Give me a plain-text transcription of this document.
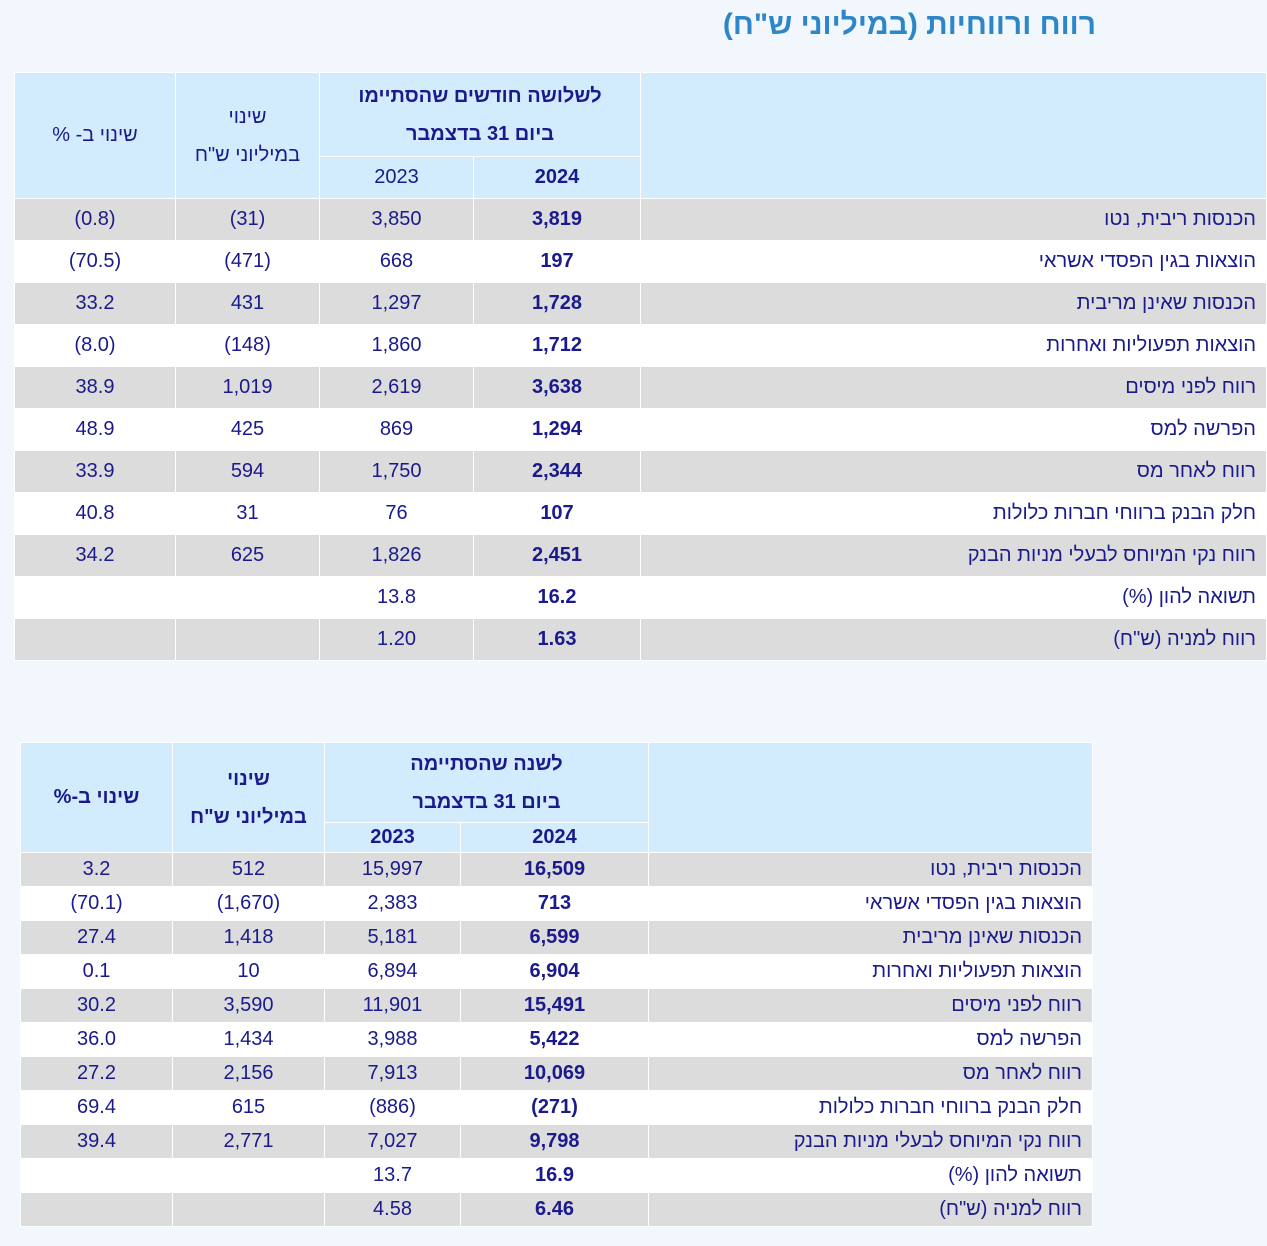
רווח ורווחיות (במיליוני ש"ח)

	לשלושה חודשים שהסתיימו
ביום 31 בדצמבר		שינוי
במיליוני ש"ח	שינוי ב- %
	2024	2023		
הכנסות ריבית, נטו	3,819	3,850	(31)	(0.8)
הוצאות בגין הפסדי אשראי	197	668	(471)	(70.5)
הכנסות שאינן מריבית	1,728	1,297	431	33.2
הוצאות תפעוליות ואחרות	1,712	1,860	(148)	(8.0)
רווח לפני מיסים	3,638	2,619	1,019	38.9
הפרשה למס	1,294	869	425	48.9
רווח לאחר מס	2,344	1,750	594	33.9
חלק הבנק ברווחי חברות כלולות	107	76	31	40.8
רווח נקי המיוחס לבעלי מניות הבנק	2,451	1,826	625	34.2
תשואה להון (%)	16.2	13.8		
רווח למניה (ש"ח)	1.63	1.20		

	לשנה שהסתיימה
ביום 31 בדצמבר		שינוי
במיליוני ש"ח	שינוי ב-%
	2024	2023		
הכנסות ריבית, נטו	16,509	15,997	512	3.2
הוצאות בגין הפסדי אשראי	713	2,383	(1,670)	(70.1)
הכנסות שאינן מריבית	6,599	5,181	1,418	27.4
הוצאות תפעוליות ואחרות	6,904	6,894	10	0.1
רווח לפני מיסים	15,491	11,901	3,590	30.2
הפרשה למס	5,422	3,988	1,434	36.0
רווח לאחר מס	10,069	7,913	2,156	27.2
חלק הבנק ברווחי חברות כלולות	(271)	(886)	615	69.4
רווח נקי המיוחס לבעלי מניות הבנק	9,798	7,027	2,771	39.4
תשואה להון (%)	16.9	13.7		
רווח למניה (ש"ח)	6.46	4.58		
